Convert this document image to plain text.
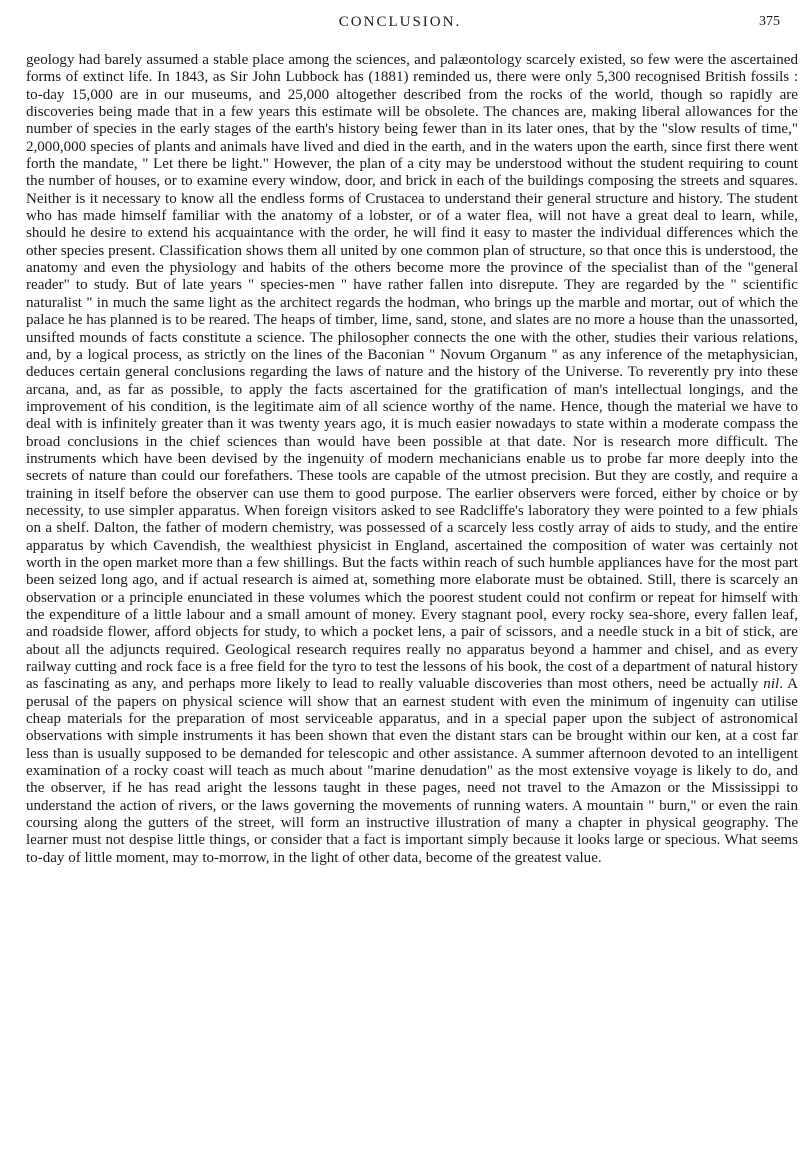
CONCLUSION.	375

geology had barely assumed a stable place among the sciences, and palæontology scarcely existed, so few were the ascertained forms of extinct life. In 1843, as Sir John Lubbock has (1881) reminded us, there were only 5,300 recognised British fossils : to-day 15,000 are in our museums, and 25,000 altogether described from the rocks of the world, though so rapidly are discoveries being made that in a few years this estimate will be obsolete. The chances are, making liberal allowances for the number of species in the early stages of the earth's history being fewer than in its later ones, that by the "slow results of time," 2,000,000 species of plants and animals have lived and died in the earth, and in the waters upon the earth, since first there went forth the mandate, " Let there be light." However, the plan of a city may be understood without the student requiring to count the number of houses, or to examine every window, door, and brick in each of the buildings composing the streets and squares. Neither is it necessary to know all the endless forms of Crustacea to understand their general structure and history. The student who has made himself familiar with the anatomy of a lobster, or of a water flea, will not have a great deal to learn, while, should he desire to extend his acquaintance with the order, he will find it easy to master the individual differences which the other species present. Classification shows them all united by one common plan of structure, so that once this is understood, the anatomy and even the physiology and habits of the others become more the province of the specialist than of the "general reader" to study. But of late years " species-men " have rather fallen into disrepute. They are regarded by the " scientific naturalist " in much the same light as the architect regards the hodman, who brings up the marble and mortar, out of which the palace he has planned is to be reared. The heaps of timber, lime, sand, stone, and slates are no more a house than the unassorted, unsifted mounds of facts constitute a science. The philosopher connects the one with the other, studies their various relations, and, by a logical process, as strictly on the lines of the Baconian " Novum Organum " as any inference of the metaphysician, deduces certain general conclusions regarding the laws of nature and the history of the Universe. To reverently pry into these arcana, and, as far as possible, to apply the facts ascertained for the gratification of man's intellectual longings, and the improvement of his condition, is the legitimate aim of all science worthy of the name. Hence, though the material we have to deal with is infinitely greater than it was twenty years ago, it is much easier nowadays to state within a moderate compass the broad conclusions in the chief sciences than would have been possible at that date. Nor is research more difficult. The instruments which have been devised by the ingenuity of modern mechanicians enable us to probe far more deeply into the secrets of nature than could our forefathers. These tools are capable of the utmost precision. But they are costly, and require a training in itself before the observer can use them to good purpose. The earlier observers were forced, either by choice or by necessity, to use simpler apparatus. When foreign visitors asked to see Radcliffe's laboratory they were pointed to a few phials on a shelf. Dalton, the father of modern chemistry, was possessed of a scarcely less costly array of aids to study, and the entire apparatus by which Cavendish, the wealthiest physicist in England, ascertained the composition of water was certainly not worth in the open market more than a few shillings. But the facts within reach of such humble appliances have for the most part been seized long ago, and if actual research is aimed at, something more elaborate must be obtained. Still, there is scarcely an observation or a principle enunciated in these volumes which the poorest student could not confirm or repeat for himself with the expenditure of a little labour and a small amount of money. Every stagnant pool, every rocky sea-shore, every fallen leaf, and roadside flower, afford objects for study, to which a pocket lens, a pair of scissors, and a needle stuck in a bit of stick, are about all the adjuncts required. Geological research requires really no apparatus beyond a hammer and chisel, and as every railway cutting and rock face is a free field for the tyro to test the lessons of his book, the cost of a department of natural history as fascinating as any, and perhaps more likely to lead to really valuable discoveries than most others, need be actually nil. A perusal of the papers on physical science will show that an earnest student with even the minimum of ingenuity can utilise cheap materials for the preparation of most serviceable apparatus, and in a special paper upon the subject of astronomical observations with simple instruments it has been shown that even the distant stars can be brought within our ken, at a cost far less than is usually supposed to be demanded for telescopic and other assistance. A summer afternoon devoted to an intelligent examination of a rocky coast will teach as much about "marine denudation" as the most extensive voyage is likely to do, and the observer, if he has read aright the lessons taught in these pages, need not travel to the Amazon or the Mississippi to understand the action of rivers, or the laws governing the movements of running waters. A mountain " burn," or even the rain coursing along the gutters of the street, will form an instructive illustration of many a chapter in physical geography. The learner must not despise little things, or consider that a fact is important simply because it looks large or specious. What seems to-day of little moment, may to-morrow, in the light of other data, become of the greatest value.
